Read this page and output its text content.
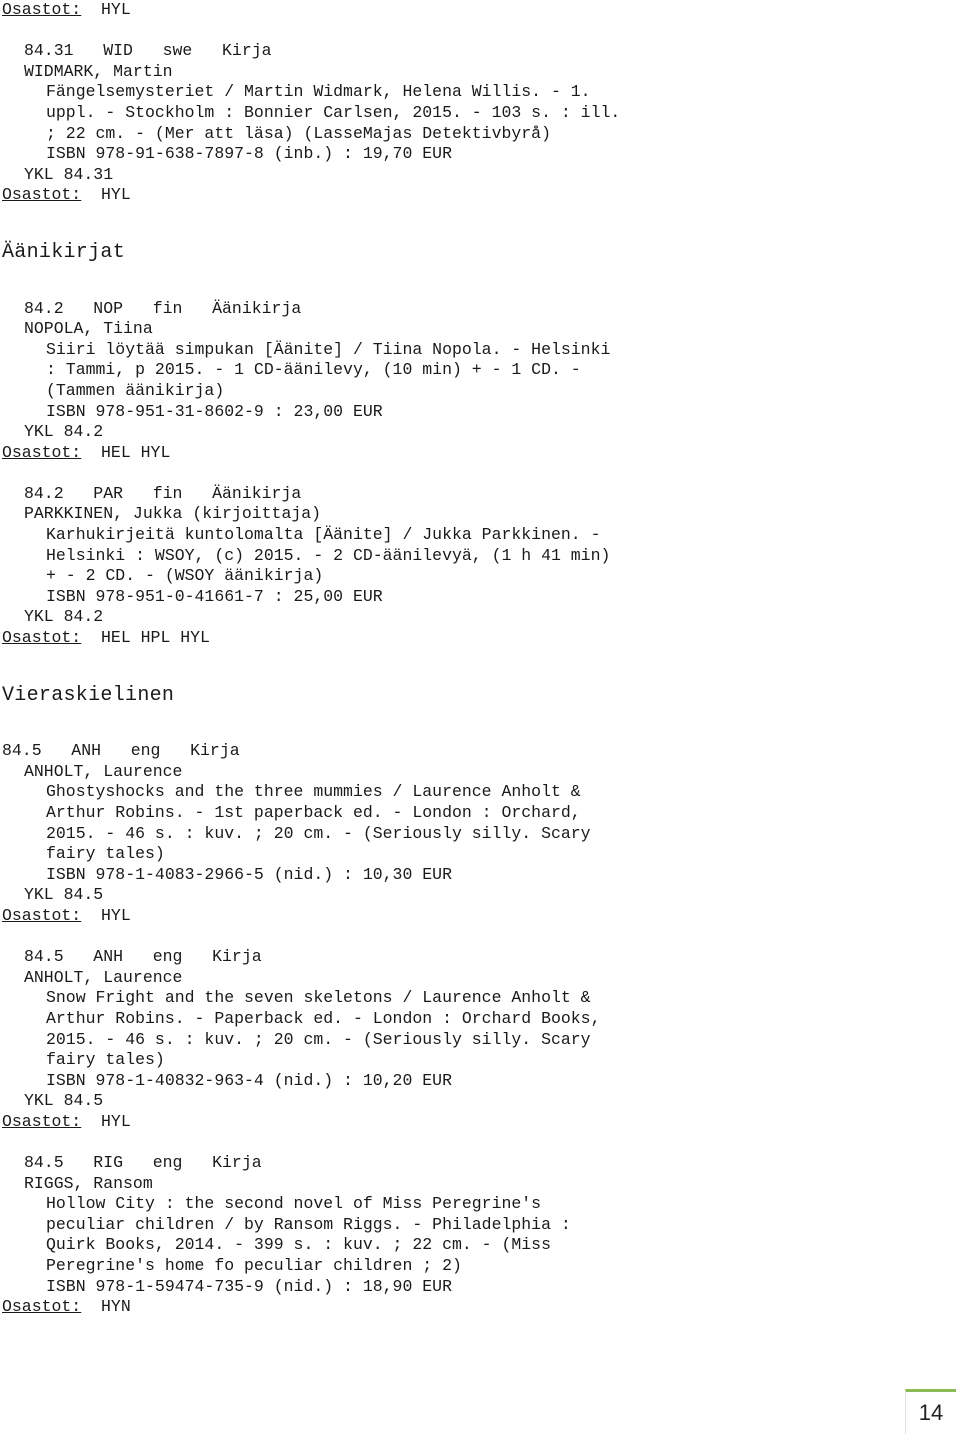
Osastot: HYL
84.31   WID   swe   Kirja
WIDMARK, Martin
Fängelsemysteriet / Martin Widmark, Helena Willis. - 1.
uppl. - Stockholm : Bonnier Carlsen, 2015. - 103 s. : ill.
; 22 cm. - (Mer att läsa) (LasseMajas Detektivbyrå)
ISBN 978-91-638-7897-8 (inb.) : 19,70 EUR
YKL 84.31
Osastot: HYL
Äänikirjat
84.2   NOP   fin   Äänikirja
NOPOLA, Tiina
Siiri löytää simpukan [Äänite] / Tiina Nopola. - Helsinki
: Tammi, p 2015. - 1 CD-äänilevy, (10 min) + - 1 CD. -
(Tammen äänikirja)
ISBN 978-951-31-8602-9 : 23,00 EUR
YKL 84.2
Osastot: HEL HYL
84.2   PAR   fin   Äänikirja
PARKKINEN, Jukka (kirjoittaja)
Karhukirjeitä kuntolomalta [Äänite] / Jukka Parkkinen. -
Helsinki : WSOY, (c) 2015. - 2 CD-äänilevyä, (1 h 41 min)
+ - 2 CD. - (WSOY äänikirja)
ISBN 978-951-0-41661-7 : 25,00 EUR
YKL 84.2
Osastot: HEL HPL HYL
Vieraskielinen
84.5   ANH   eng   Kirja
ANHOLT, Laurence
Ghostyshocks and the three mummies / Laurence Anholt &
Arthur Robins. - 1st paperback ed. - London : Orchard,
2015. - 46 s. : kuv. ; 20 cm. - (Seriously silly. Scary
fairy tales)
ISBN 978-1-4083-2966-5 (nid.) : 10,30 EUR
YKL 84.5
Osastot: HYL
84.5   ANH   eng   Kirja
ANHOLT, Laurence
Snow Fright and the seven skeletons / Laurence Anholt &
Arthur Robins. - Paperback ed. - London : Orchard Books,
2015. - 46 s. : kuv. ; 20 cm. - (Seriously silly. Scary
fairy tales)
ISBN 978-1-40832-963-4 (nid.) : 10,20 EUR
YKL 84.5
Osastot: HYL
84.5   RIG   eng   Kirja
RIGGS, Ransom
Hollow City : the second novel of Miss Peregrine's
peculiar children / by Ransom Riggs. - Philadelphia :
Quirk Books, 2014. - 399 s. : kuv. ; 22 cm. - (Miss
Peregrine's home fo peculiar children ; 2)
ISBN 978-1-59474-735-9 (nid.) : 18,90 EUR
Osastot: HYN
14
